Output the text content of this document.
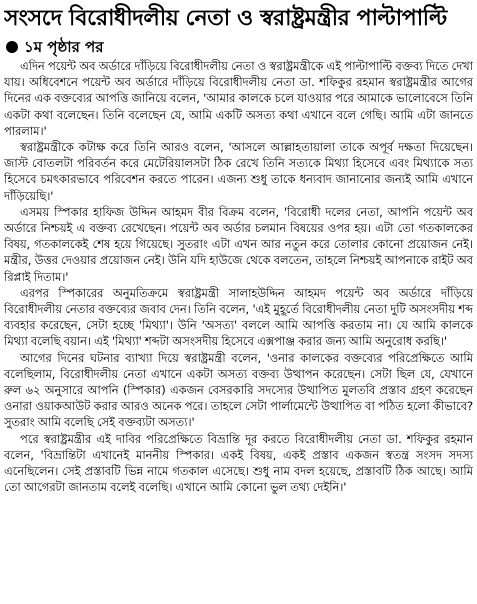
সংসদে বিরোধীদলীয় নেতা ও স্বরাষ্ট্রমন্ত্রীর পাল্টাপাল্টি
১ম পৃষ্ঠার পর

এদিন পয়েন্ট অব অর্ডারে দাঁড়িয়ে বিরোধীদলীয় নেতা ও স্বরাষ্ট্রমন্ত্রীকে এই পাল্টাপাল্টি বক্তব্য দিতে দেখা যায়। অধিবেশনে পয়েন্ট অব অর্ডারে দাঁড়িয়ে বিরোধীদলীয় নেতা ডা. শফিকুর রহমান স্বরাষ্ট্রমন্ত্রীর আগের দিনের এক বক্তব্যের আপত্তি জানিয়ে বলেন, 'আমার কালকে চলে যাওয়ার পরে আমাকে ভালোবেসে তিনি একটা কথা বলেছেন। তিনি বলেছেন যে, আমি একটি অসত্য কথা এখানে বলে গেছি। আমি এটা জানতে পারলাম।'

স্বরাষ্ট্রমন্ত্রীকে কটাক্ষ করে তিনি আরও বলেন, 'আসলে আল্লাহতায়ালা তাকে অপূর্ব দক্ষতা দিয়েছেন। জাস্ট বোতলটা পরিবর্তন করে মেটেরিয়ালসটা ঠিক রেখে তিনি সত্যকে মিথ্যা হিসেবে এবং মিথ্যাকে সত্য হিসেবে চমৎকারভাবে পরিবেশন করতে পারেন। এজন্য শুধু তাকে ধন্যবাদ জানানোর জন্যই আমি এখানে দাঁড়িয়েছি।'

এসময় স্পিকার হাফিজ উদ্দিন আহমদ বীর বিক্রম বলেন, 'বিরোধী দলের নেতা, আপনি পয়েন্ট অব অর্ডারে নিশ্চয়ই এ বক্তব্য রেখেছেন। পয়েন্ট অব অর্ডার চলমান বিষয়ের ওপর হয়। এটা তো গতকালকের বিষয়, গতকালকেই শেষ হয়ে গিয়েছে। সুতরাং এটা এখন আর নতুন করে তোলার কোনো প্রয়োজন নেই। মন্ত্রীর, উত্তর দেওয়ার প্রয়োজন নেই। উনি যদি হাউজে থেকে বলতেন, তাহলে নিশ্চয়ই আপনাকে রাইট অব রিপ্লাই দিতাম।'

এরপর স্পিকারের অনুমতিক্রমে স্বরাষ্ট্রমন্ত্রী সালাহউদ্দিন আহমদ পয়েন্ট অব অর্ডারে দাঁড়িয়ে বিরোধীদলীয় নেতার বক্তব্যের জবাব দেন। তিনি বলেন, 'এই মুহূর্তে বিরোধীদলীয় নেতা দুটি অসংসদীয় শব্দ ব্যবহার করেছেন, সেটা হচ্ছে 'মিথ্যা'। উনি 'অসত্য' বললে আমি আপত্তি করতাম না। যে আমি কালকে মিথ্যা বলেছি বয়ান। এই 'মিথ্যা' শব্দটা অসংসদীয় হিসেবে এক্সপাঞ্জ করার জন্য আমি অনুরোধ করছি।'

আগের দিনের ঘটনার ব্যাখ্যা দিয়ে স্বরাষ্ট্রমন্ত্রী বলেন, 'ওনার কালকের বক্তব্যের পরিপ্রেক্ষিতে আমি বলেছিলাম, বিরোধীদলীয় নেতা এখানে একটা অসত্য বক্তব্য উত্থাপন করেছেন। সেটা ছিল যে, যেখানে রুল ৬২ অনুসারে আপনি (স্পিকার) একজন বেসরকারি সদস্যের উত্থাপিত মুলতবি প্রস্তাব গ্রহণ করেছেন ওনারা ওয়াকআউট করার আরও অনেক পরে। তাহলে সেটা পার্লামেন্টে উত্থাপিত বা পঠিত হলো কীভাবে? সুতরাং আমি বলেছি সেই বক্তব্যটা অসত্য।'

পরে স্বরাষ্ট্রমন্ত্রীর এই দাবির পরিপ্রেক্ষিতে বিভ্রান্তি দূর করতে বিরোধীদলীয় নেতা ডা. শফিকুর রহমান বলেন, 'বিভ্রান্তিটা এখানেই মাননীয় স্পিকার। একই বিষয়, একই প্রস্তাব একজন স্বতন্ত্র সংসদ সদস্য এনেছিলেন। সেই প্রস্তাবটি ভিন্ন নামে গতকাল এসেছে। শুধু নাম বদল হয়েছে, প্রস্তাবটি ঠিক আছে। আমি তো আগেরটা জানতাম বলেই বলেছি। এখানে আমি কোনো ভুল তথ্য দেইনি।'
